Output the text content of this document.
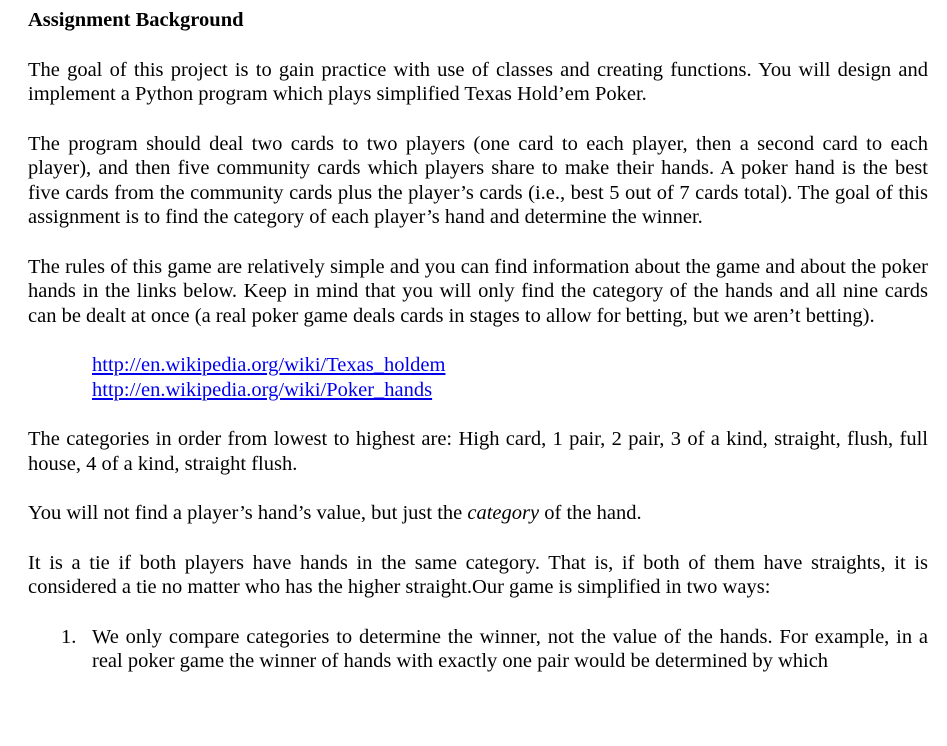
Assignment Background

The goal of this project is to gain practice with use of classes and creating functions. You will design and implement a Python program which plays simplified Texas Hold’em Poker.

The program should deal two cards to two players (one card to each player, then a second card to each player), and then five community cards which players share to make their hands. A poker hand is the best five cards from the community cards plus the player’s cards (i.e., best 5 out of 7 cards total). The goal of this assignment is to find the category of each player’s hand and determine the winner.

The rules of this game are relatively simple and you can find information about the game and about the poker hands in the links below. Keep in mind that you will only find the category of the hands and all nine cards can be dealt at once (a real poker game deals cards in stages to allow for betting, but we aren’t betting).

http://en.wikipedia.org/wiki/Texas_holdem
http://en.wikipedia.org/wiki/Poker_hands

The categories in order from lowest to highest are: High card, 1 pair, 2 pair, 3 of a kind, straight, flush, full house, 4 of a kind, straight flush.

You will not find a player’s hand’s value, but just the category of the hand.

It is a tie if both players have hands in the same category. That is, if both of them have straights, it is considered a tie no matter who has the higher straight.Our game is simplified in two ways:

1. We only compare categories to determine the winner, not the value of the hands. For example, in a real poker game the winner of hands with exactly one pair would be determined by which
